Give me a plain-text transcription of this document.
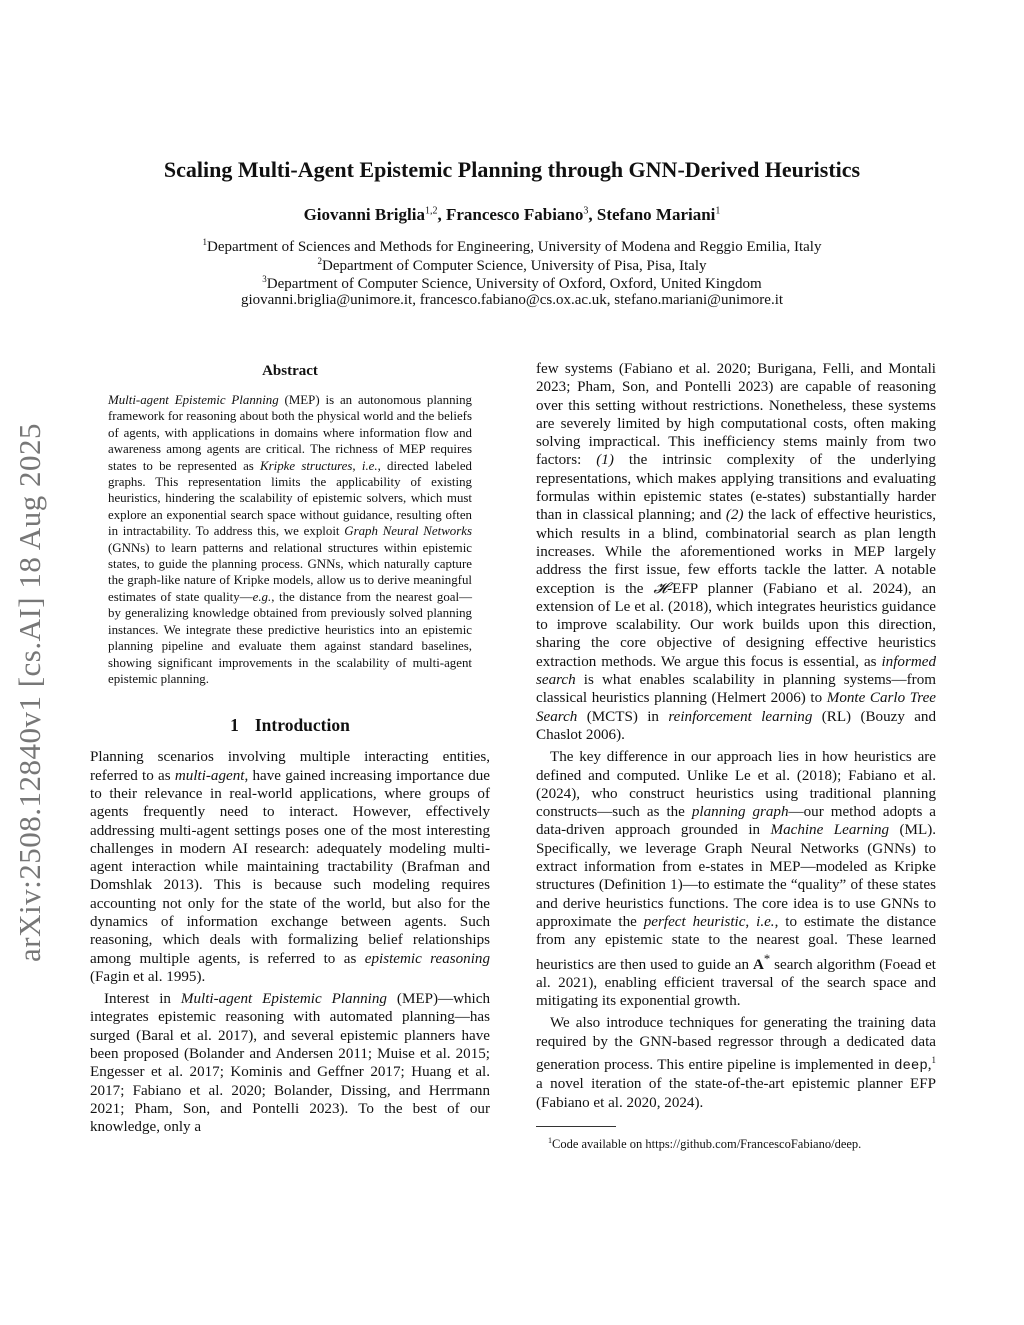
arXiv:2508.12840v1 [cs.AI] 18 Aug 2025
Scaling Multi-Agent Epistemic Planning through GNN-Derived Heuristics
Giovanni Briglia$^{1,2}$, Francesco Fabiano$^3$, Stefano Mariani$^1$
$^1$Department of Sciences and Methods for Engineering, University of Modena and Reggio Emilia, Italy
$^2$Department of Computer Science, University of Pisa, Pisa, Italy
$^3$Department of Computer Science, University of Oxford, Oxford, United Kingdom
giovanni.briglia@unimore.it, francesco.fabiano@cs.ox.ac.uk, stefano.mariani@unimore.it
Abstract
Multi-agent Epistemic Planning (MEP) is an autonomous planning framework for reasoning about both the physical world and the beliefs of agents, with applications in domains where information flow and awareness among agents are critical. The richness of MEP requires states to be represented as Kripke structures, i.e., directed labeled graphs. This representation limits the applicability of existing heuristics, hindering the scalability of epistemic solvers, which must explore an exponential search space without guidance, resulting often in intractability. To address this, we exploit Graph Neural Networks (GNNs) to learn patterns and relational structures within epistemic states, to guide the planning process. GNNs, which naturally capture the graph-like nature of Kripke models, allow us to derive meaningful estimates of state quality—e.g., the distance from the nearest goal—by generalizing knowledge obtained from previously solved planning instances. We integrate these predictive heuristics into an epistemic planning pipeline and evaluate them against standard baselines, showing significant improvements in the scalability of multi-agent epistemic planning.
1 Introduction

Planning scenarios involving multiple interacting entities, referred to as multi-agent, have gained increasing importance due to their relevance in real-world applications, where groups of agents frequently need to interact. However, effectively addressing multi-agent settings poses one of the most interesting challenges in modern AI research: adequately modeling multi-agent interaction while maintaining tractability (Brafman and Domshlak 2013). This is because such modeling requires accounting not only for the state of the world, but also for the dynamics of information exchange between agents. Such reasoning, which deals with formalizing belief relationships among multiple agents, is referred to as epistemic reasoning (Fagin et al. 1995).

Interest in Multi-agent Epistemic Planning (MEP)—which integrates epistemic reasoning with automated planning—has surged (Baral et al. 2017), and several epistemic planners have been proposed (Bolander and Andersen 2011; Muise et al. 2015; Engesser et al. 2017; Kominis and Geffner 2017; Huang et al. 2017; Fabiano et al. 2020; Bolander, Dissing, and Herrmann 2021; Pham, Son, and Pontelli 2023). To the best of our knowledge, only a

few systems (Fabiano et al. 2020; Burigana, Felli, and Montali 2023; Pham, Son, and Pontelli 2023) are capable of reasoning over this setting without restrictions. Nonetheless, these systems are severely limited by high computational costs, often making solving impractical. This inefficiency stems mainly from two factors: (1) the intrinsic complexity of the underlying representations, which makes applying transitions and evaluating formulas within epistemic states (e-states) substantially harder than in classical planning; and (2) the lack of effective heuristics, which results in a blind, combinatorial search as plan length increases. While the aforementioned works in MEP largely address the first issue, few efforts tackle the latter. A notable exception is the 𝓗-EFP planner (Fabiano et al. 2024), an extension of Le et al. (2018), which integrates heuristics guidance to improve scalability. Our work builds upon this direction, sharing the core objective of designing effective heuristics extraction methods. We argue this focus is essential, as informed search is what enables scalability in planning systems—from classical heuristics planning (Helmert 2006) to Monte Carlo Tree Search (MCTS) in reinforcement learning (RL) (Bouzy and Chaslot 2006).

The key difference in our approach lies in how heuristics are defined and computed. Unlike Le et al. (2018); Fabiano et al. (2024), who construct heuristics using traditional planning constructs—such as the planning graph—our method adopts a data-driven approach grounded in Machine Learning (ML). Specifically, we leverage Graph Neural Networks (GNNs) to extract information from e-states in MEP—modeled as Kripke structures (Definition 1)—to estimate the “quality” of these states and derive heuristics functions. The core idea is to use GNNs to approximate the perfect heuristic, i.e., to estimate the distance from any epistemic state to the nearest goal. These learned heuristics are then used to guide an A* search algorithm (Foead et al. 2021), enabling efficient traversal of the search space and mitigating its exponential growth.

We also introduce techniques for generating the training data required by the GNN-based regressor through a dedicated data generation process. This entire pipeline is implemented in deep,$^1$ a novel iteration of the state-of-the-art epistemic planner EFP (Fabiano et al. 2020, 2024).

$^1$Code available on https://github.com/FrancescoFabiano/deep.
